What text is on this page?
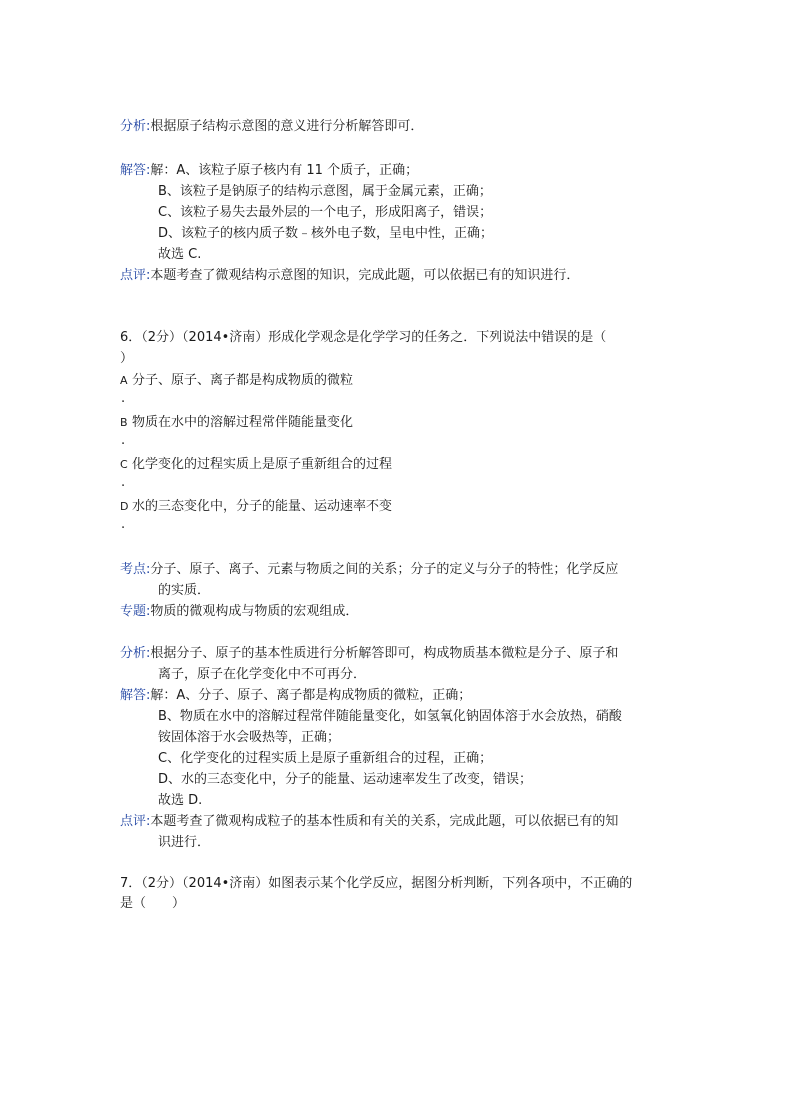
分析:根据原子结构示意图的意义进行分析解答即可．
解答:解：A、该粒子原子核内有 11 个质子，正确；
B、该粒子是钠原子的结构示意图，属于金属元素，正确；
C、该粒子易失去最外层的一个电子，形成阳离子，错误；
D、该粒子的核内质子数﹣核外电子数，呈电中性，正确；
故选 C.
点评:本题考查了微观结构示意图的知识，完成此题，可以依据已有的知识进行．
6．（2分）（2014•济南）形成化学观念是化学学习的任务之．下列说法中错误的是（
）
A 分子、原子、离子都是构成物质的微粒
.
B 物质在水中的溶解过程常伴随能量变化
.
C 化学变化的过程实质上是原子重新组合的过程
.
D 水的三态变化中，分子的能量、运动速率不变
.
考点:分子、原子、离子、元素与物质之间的关系；分子的定义与分子的特性；化学反应
的实质．
专题:物质的微观构成与物质的宏观组成．
分析:根据分子、原子的基本性质进行分析解答即可，构成物质基本微粒是分子、原子和
离子，原子在化学变化中不可再分．
解答:解：A、分子、原子、离子都是构成物质的微粒，正确；
B、物质在水中的溶解过程常伴随能量变化，如氢氧化钠固体溶于水会放热，硝酸
铵固体溶于水会吸热等，正确；
C、化学变化的过程实质上是原子重新组合的过程，正确；
D、水的三态变化中，分子的能量、运动速率发生了改变，错误；
故选 D.
点评:本题考查了微观构成粒子的基本性质和有关的关系，完成此题，可以依据已有的知
识进行．
7．（2分）（2014•济南）如图表示某个化学反应，据图分析判断，下列各项中，不正确的
是（　　）
